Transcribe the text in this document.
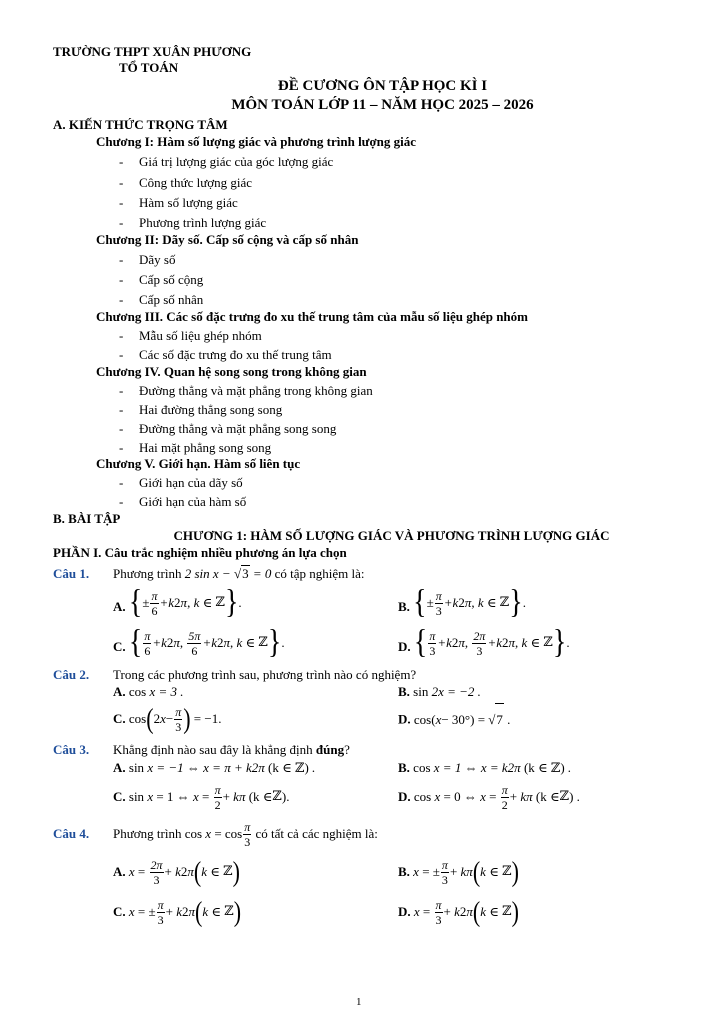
TRƯỜNG THPT XUÂN PHƯƠNG
TỔ TOÁN
ĐỀ CƯƠNG ÔN TẬP HỌC KÌ I
MÔN TOÁN LỚP 11 – NĂM HỌC 2025 – 2026
A. KIẾN THỨC TRỌNG TÂM
Chương I: Hàm số lượng giác và phương trình lượng giác
- Giá trị lượng giác của góc lượng giác
- Công thức lượng giác
- Hàm số lượng giác
- Phương trình lượng giác
Chương II: Dãy số. Cấp số cộng và cấp số nhân
- Dãy số
- Cấp số cộng
- Cấp số nhân
Chương III. Các số đặc trưng đo xu thế trung tâm của mẫu số liệu ghép nhóm
- Mẫu số liệu ghép nhóm
- Các số đặc trưng đo xu thế trung tâm
Chương IV. Quan hệ song song trong không gian
- Đường thẳng và mặt phẳng trong không gian
- Hai đường thẳng song song
- Đường thẳng và mặt phẳng song song
- Hai mặt phẳng song song
Chương V. Giới hạn. Hàm số liên tục
- Giới hạn của dãy số
- Giới hạn của hàm số
B. BÀI TẬP
CHƯƠNG 1: HÀM SỐ LƯỢNG GIÁC VÀ PHƯƠNG TRÌNH LƯỢNG GIÁC
PHẦN I. Câu trắc nghiệm nhiều phương án lựa chọn
Câu 1. Phương trình 2 sin x − √3 = 0 có tập nghiệm là:
A. { ± $\frac{\pi}{6} +k$ 2 π , k ∈ ℤ } .	B. { ± $\frac{\pi}{3} +k$ 2 π , k ∈ ℤ } .
C. { $\frac{\pi}{6} +k$ 2 π , $\frac{5\pi}{6} +k$ 2 π , k ∈ ℤ } .	D. { $\frac{\pi}{3} +k$ 2 π , $\frac{2\pi}{3} +k$ 2 π , k ∈ ℤ } .
Câu 2. Trong các phương trình sau, phương trình nào có nghiệm?
A. cos x = 3 .	B. sin 2x = −2 .
C. cos ( 2 $x - \frac{\pi}{3}$ ) = −1.	D. cos( x − 30°) = √ 7 .
Câu 3. Khẳng định nào sau đây là khẳng định đúng?
A. sin x = −1 ⇔ x = π + k2π (k ∈ ℤ) .	B. cos x = 1 ⇔ x = k2π (k ∈ ℤ) .
C. sin x = 1 ⇔ $x = \frac{\pi}{2} + k\pi$ (k ∈ ℤ ).	D. cos x = 0 ⇔ $x = \frac{\pi}{2} + k\pi$ (k ∈ ℤ ) .
Câu 4. Phương trình $\cos x = \cos \frac{\pi}{3}$ có tất cả các nghiệm là:
A. $x = \frac{2\pi}{3} + k$ 2 π ( k ∈ ℤ )	B. x = ± $\frac{\pi}{3} + k\pi$ ( k ∈ ℤ )
C. x = ± $\frac{\pi}{3} + k$ 2 π ( k ∈ ℤ )	D. $x = \frac{\pi}{3} + k$ 2 π ( k ∈ ℤ )
1
